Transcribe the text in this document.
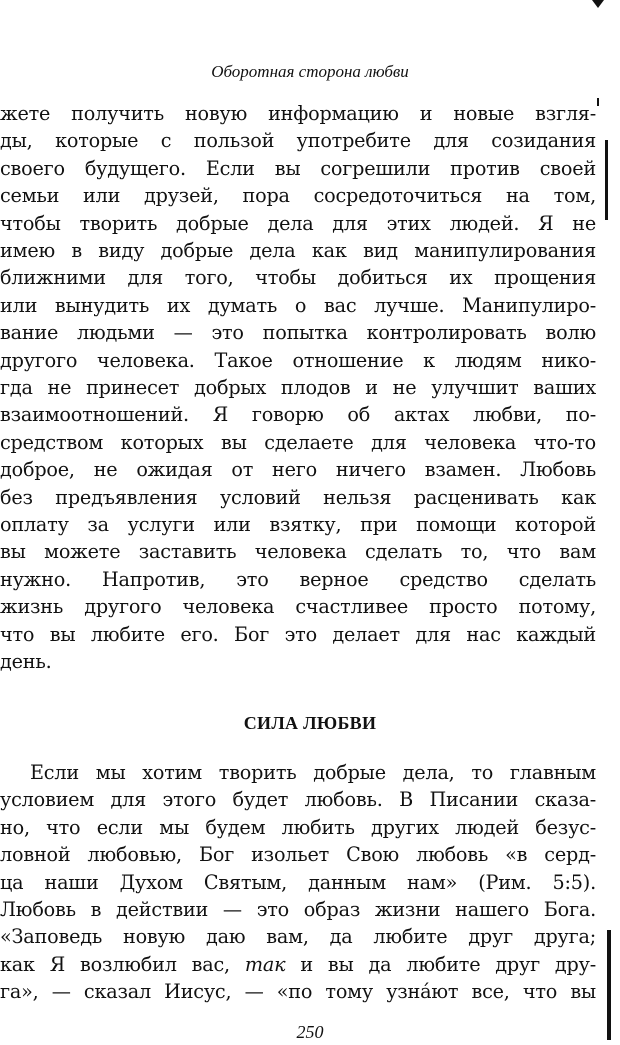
Оборотная сторона любви
жете получить новую информацию и новые взгля-
ды, которые с пользой употребите для созидания
своего будущего. Если вы согрешили против своей
семьи или друзей, пора сосредоточиться на том,
чтобы творить добрые дела для этих людей. Я не
имею в виду добрые дела как вид манипулирования
ближними для того, чтобы добиться их прощения
или вынудить их думать о вас лучше. Манипулиро-
вание людьми — это попытка контролировать волю
другого человека. Такое отношение к людям нико-
гда не принесет добрых плодов и не улучшит ваших
взаимоотношений. Я говорю об актах любви, по-
средством которых вы сделаете для человека что-то
доброе, не ожидая от него ничего взамен. Любовь
без предъявления условий нельзя расценивать как
оплату за услуги или взятку, при помощи которой
вы можете заставить человека сделать то, что вам
нужно. Напротив, это верное средство сделать
жизнь другого человека счастливее просто потому,
что вы любите его. Бог это делает для нас каждый
день.
СИЛА ЛЮБВИ
Если мы хотим творить добрые дела, то главным
условием для этого будет любовь. В Писании сказа-
но, что если мы будем любить других людей безус-
ловной любовью, Бог изольет Свою любовь «в серд-
ца наши Духом Святым, данным нам» (Рим. 5:5).
Любовь в действии — это образ жизни нашего Бога.
«Заповедь новую даю вам, да любите друг друга;
как Я возлюбил вас, так и вы да любите друг дру-
га», — сказал Иисус, — «по тому узна́ют все, что вы
250
